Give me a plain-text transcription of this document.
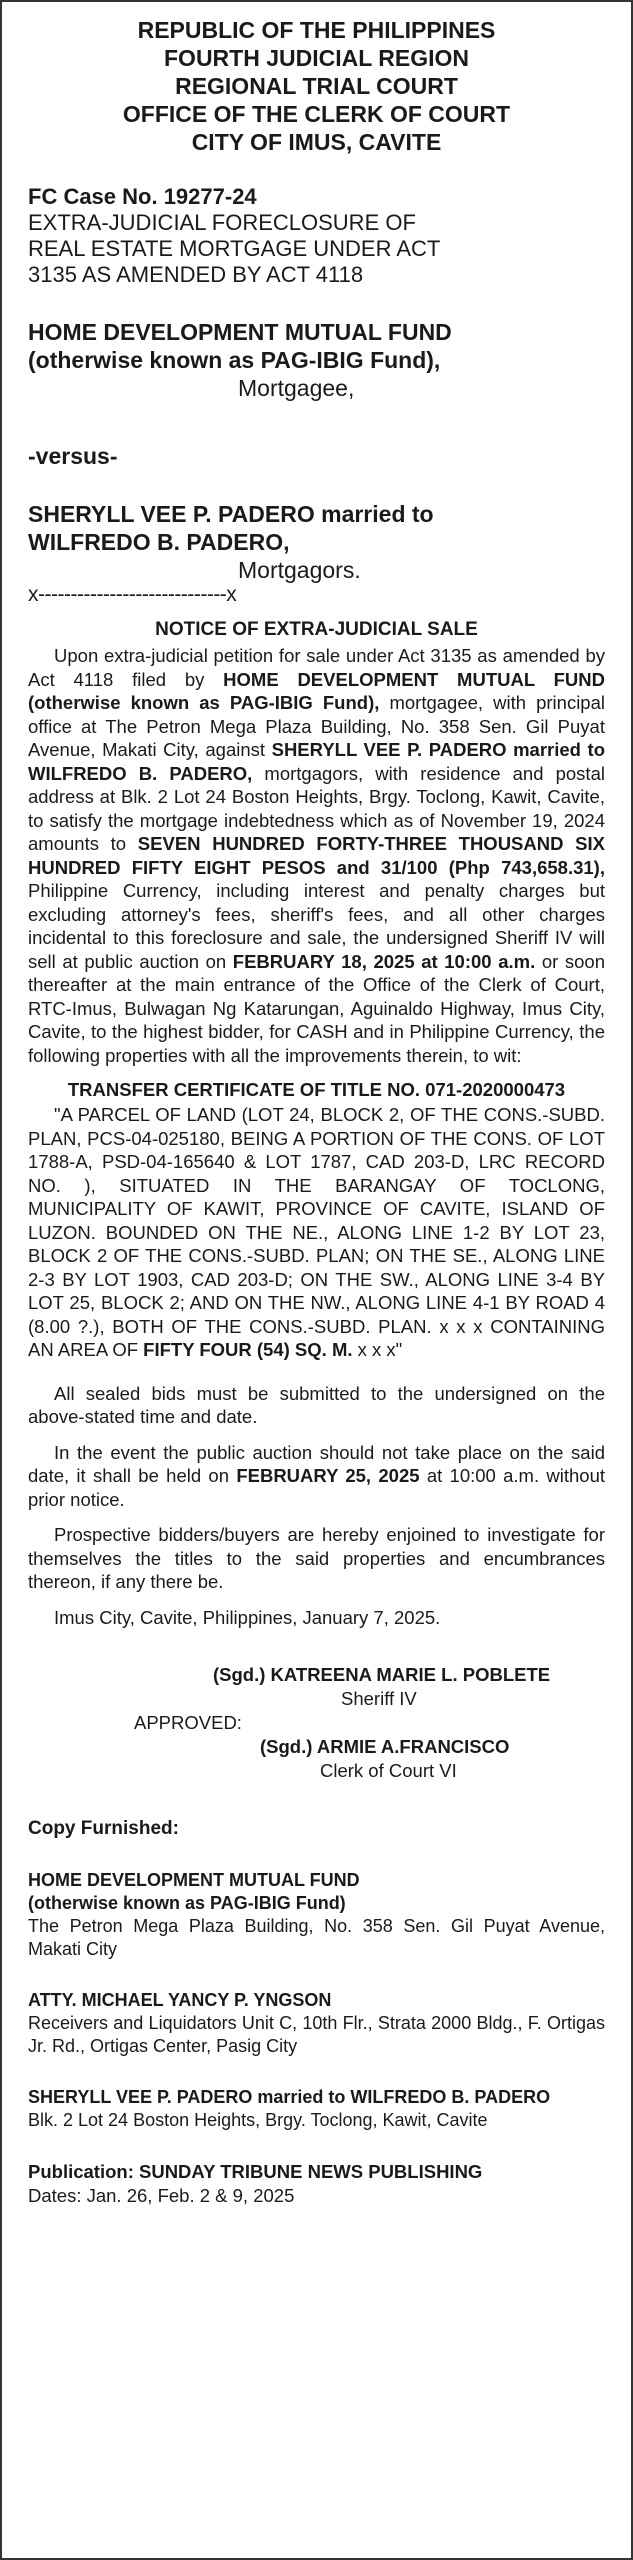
REPUBLIC OF THE PHILIPPINES
FOURTH JUDICIAL REGION
REGIONAL TRIAL COURT
OFFICE OF THE CLERK OF COURT
CITY OF IMUS, CAVITE
FC Case No. 19277-24
EXTRA-JUDICIAL FORECLOSURE OF
REAL ESTATE MORTGAGE UNDER ACT
3135 AS AMENDED BY ACT 4118
HOME DEVELOPMENT MUTUAL FUND
(otherwise known as PAG-IBIG Fund),
Mortgagee,
-versus-
SHERYLL VEE P. PADERO married to
WILFREDO B. PADERO,
Mortgagors.
x-----------------------------x
NOTICE OF EXTRA-JUDICIAL SALE

Upon extra-judicial petition for sale under Act 3135 as amended by Act 4118 filed by HOME DEVELOPMENT MUTUAL FUND (otherwise known as PAG-IBIG Fund), mortgagee, with principal office at The Petron Mega Plaza Building, No. 358 Sen. Gil Puyat Avenue, Makati City, against SHERYLL VEE P. PADERO married to WILFREDO B. PADERO, mortgagors, with residence and postal address at Blk. 2 Lot 24 Boston Heights, Brgy. Toclong, Kawit, Cavite, to satisfy the mortgage indebtedness which as of November 19, 2024 amounts to SEVEN HUNDRED FORTY-THREE THOUSAND SIX HUNDRED FIFTY EIGHT PESOS and 31/100 (Php 743,658.31), Philippine Currency, including interest and penalty charges but excluding attorney's fees, sheriff's fees, and all other charges incidental to this foreclosure and sale, the undersigned Sheriff IV will sell at public auction on FEBRUARY 18, 2025 at 10:00 a.m. or soon thereafter at the main entrance of the Office of the Clerk of Court, RTC-Imus, Bulwagan Ng Katarungan, Aguinaldo Highway, Imus City, Cavite, to the highest bidder, for CASH and in Philippine Currency, the following properties with all the improvements therein, to wit:

TRANSFER CERTIFICATE OF TITLE NO. 071-2020000473

"A PARCEL OF LAND (LOT 24, BLOCK 2, OF THE CONS.-SUBD. PLAN, PCS-04-025180, BEING A PORTION OF THE CONS. OF LOT 1788-A, PSD-04-165640 & LOT 1787, CAD 203-D, LRC RECORD NO. ), SITUATED IN THE BARANGAY OF TOCLONG, MUNICIPALITY OF KAWIT, PROVINCE OF CAVITE, ISLAND OF LUZON. BOUNDED ON THE NE., ALONG LINE 1-2 BY LOT 23, BLOCK 2 OF THE CONS.-SUBD. PLAN; ON THE SE., ALONG LINE 2-3 BY LOT 1903, CAD 203-D; ON THE SW., ALONG LINE 3-4 BY LOT 25, BLOCK 2; AND ON THE NW., ALONG LINE 4-1 BY ROAD 4 (8.00 ?.), BOTH OF THE CONS.-SUBD. PLAN. x x x CONTAINING AN AREA OF FIFTY FOUR (54) SQ. M. x x x"

All sealed bids must be submitted to the undersigned on the above-stated time and date.

In the event the public auction should not take place on the said date, it shall be held on FEBRUARY 25, 2025 at 10:00 a.m. without prior notice.

Prospective bidders/buyers are hereby enjoined to investigate for themselves the titles to the said properties and encumbrances thereon, if any there be.

Imus City, Cavite, Philippines, January 7, 2025.

(Sgd.) KATREENA MARIE L. POBLETE
Sheriff IV
APPROVED:
(Sgd.) ARMIE A.FRANCISCO
Clerk of Court VI
Copy Furnished:
HOME DEVELOPMENT MUTUAL FUND
(otherwise known as PAG-IBIG Fund)
The Petron Mega Plaza Building, No. 358 Sen. Gil Puyat Avenue, Makati City
ATTY. MICHAEL YANCY P. YNGSON
Receivers and Liquidators Unit C, 10th Flr., Strata 2000 Bldg., F. Ortigas Jr. Rd., Ortigas Center, Pasig City
SHERYLL VEE P. PADERO married to WILFREDO B. PADERO
Blk. 2 Lot 24 Boston Heights, Brgy. Toclong, Kawit, Cavite
Publication: SUNDAY TRIBUNE NEWS PUBLISHING
Dates: Jan. 26, Feb. 2 & 9, 2025
